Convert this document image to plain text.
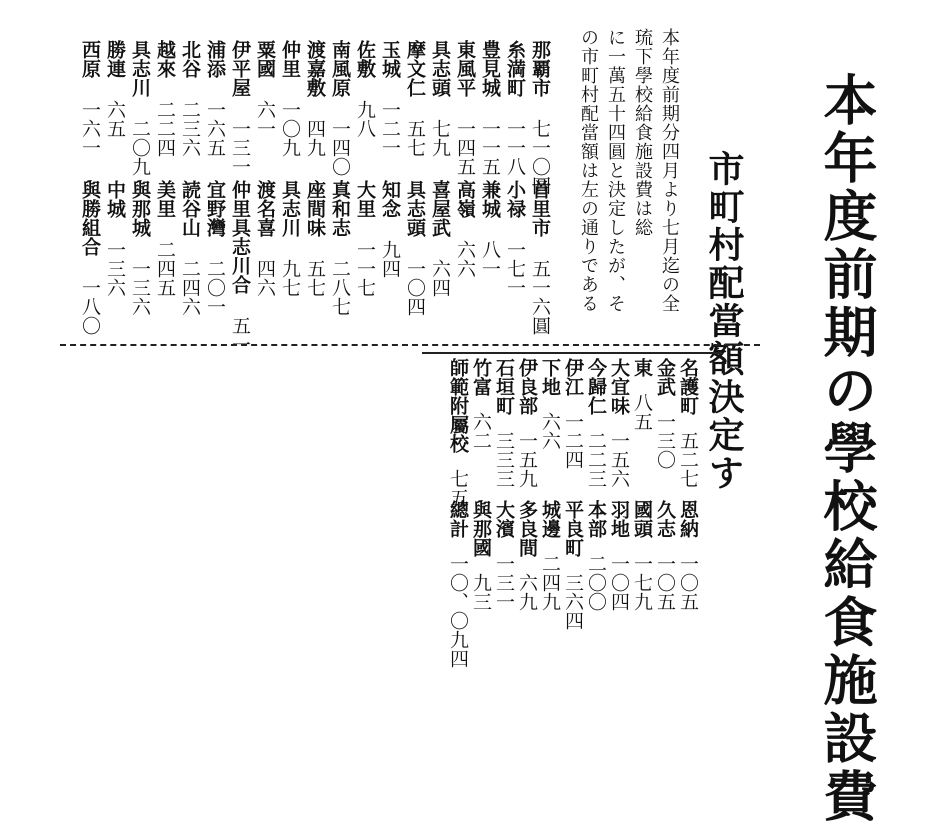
本年度前期の學校給食施設費
市町村配當額決定す
本年度前期分四月より七月迄の全
琉下學校給食施設費は総
に一萬五十四圓と決定したが、そ
の市町村配當額は左の通りである
那覇市
七一〇圓
首里市
五一六圓
糸満町
一一八
小禄
一七一
豊見城
一一五
兼城
八一
東風平
一四五
高嶺
六六
具志頭
七九
喜屋武
六四
摩文仁
五七
具志頭
一〇四
玉城
一二一
知念
九四
佐敷
九八
大里
一一七
南風原
一四〇
真和志
二八七
渡嘉敷
四九
座間味
五七
仲里
一〇九
具志川
九七
粟國
六一
渡名喜
四六
伊平屋
一三一
仲里具志川合
五一
浦添
一六五
宜野灣
二〇一
北谷
二三六
読谷山
二四六
越來
二二四
美里
二四五
具志川
二〇九
與那城
一三六
勝連
六五
中城
一三六
西原
一六一
與勝組合
一八〇
名護町
五二七
恩納
一〇五
金武
一三〇
久志
一〇五
東
八五
國頭
一七九
大宜味
一五六
羽地
一〇四
今歸仁
二二三
本部
二〇〇
伊江
一二四
平良町
三六四
下地
六六
城邊
二四九
伊良部
一五九
多良間
六九
石垣町
三三三
大濱
一三一
竹富
六二
與那國
九三
師範附屬校
七五
總計
一〇、〇九四
